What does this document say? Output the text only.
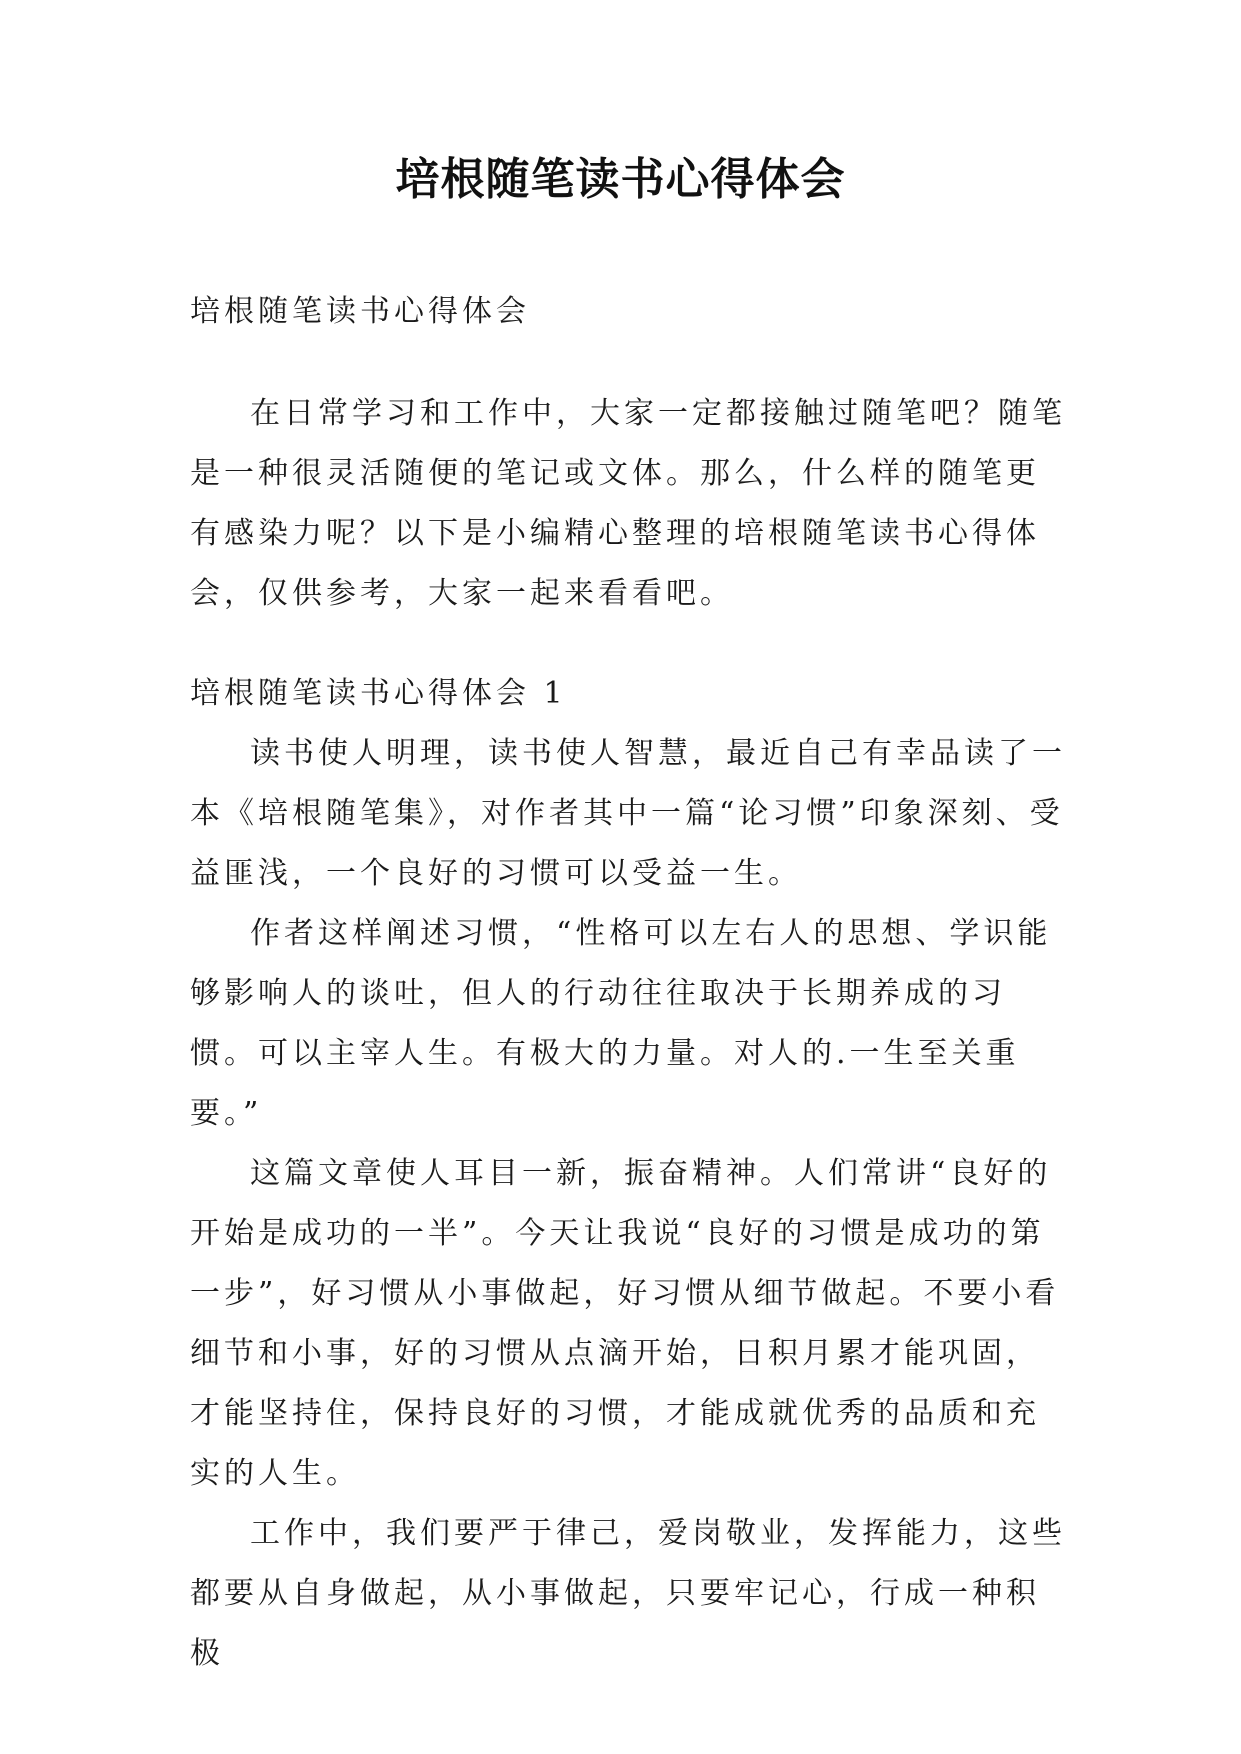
培根随笔读书心得体会

培根随笔读书心得体会

在日常学习和工作中，大家一定都接触过随笔吧？随笔是一种很灵活随便的笔记或文体。那么，什么样的随笔更有感染力呢？以下是小编精心整理的培根随笔读书心得体会，仅供参考，大家一起来看看吧。

培根随笔读书心得体会 1

读书使人明理，读书使人智慧，最近自己有幸品读了一本《培根随笔集》，对作者其中一篇“论习惯”印象深刻、受益匪浅，一个良好的习惯可以受益一生。

作者这样阐述习惯，“性格可以左右人的思想、学识能够影响人的谈吐，但人的行动往往取决于长期养成的习惯。可以主宰人生。有极大的力量。对人的.一生至关重要。”

这篇文章使人耳目一新，振奋精神。人们常讲“良好的开始是成功的一半”。今天让我说“良好的习惯是成功的第一步”，好习惯从小事做起，好习惯从细节做起。不要小看细节和小事，好的习惯从点滴开始，日积月累才能巩固，才能坚持住，保持良好的习惯，才能成就优秀的品质和充实的人生。

工作中，我们要严于律己，爱岗敬业，发挥能力，这些都要从自身做起，从小事做起，只要牢记心，行成一种积极
